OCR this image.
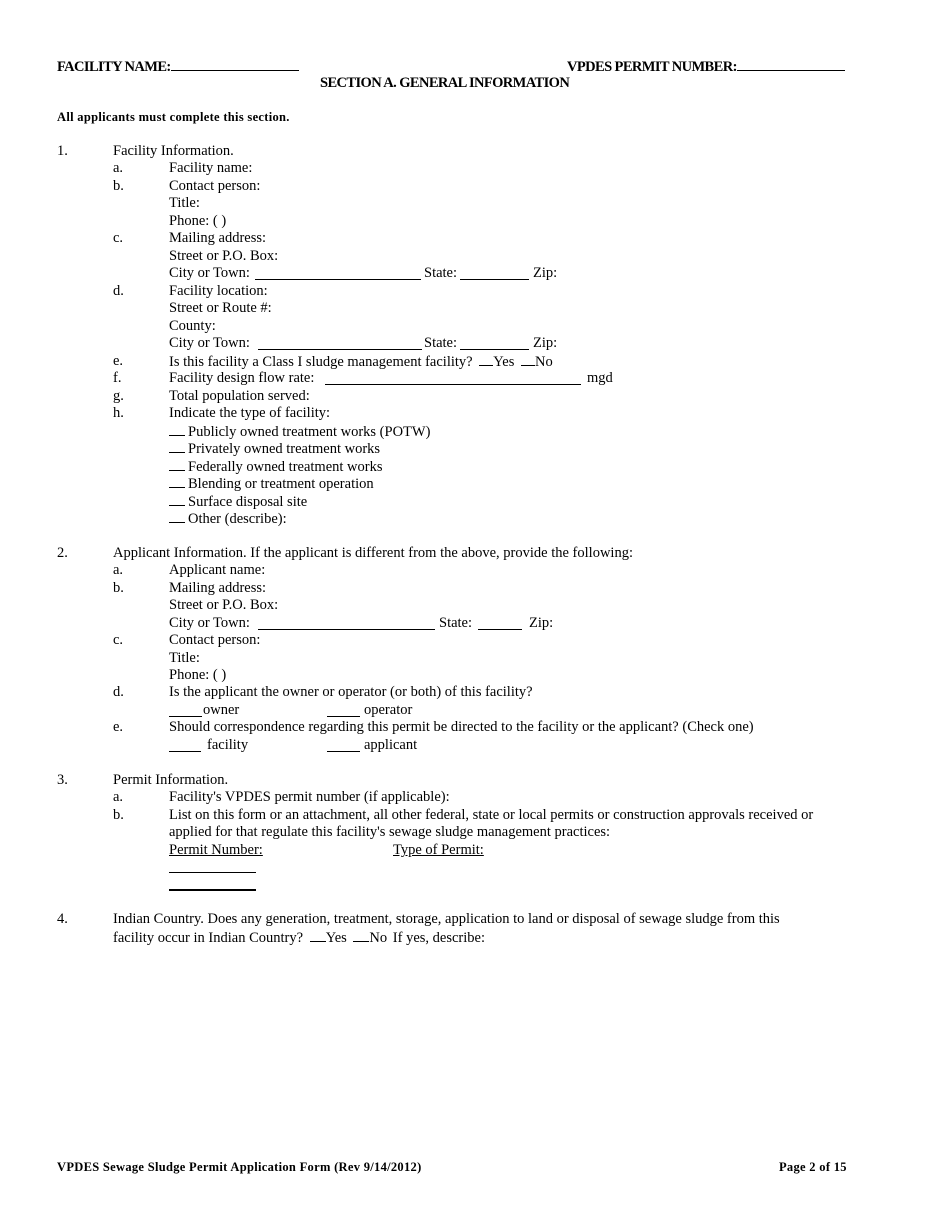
FACILITY NAME:	VPDES PERMIT NUMBER:
SECTION A. GENERAL INFORMATION
All applicants must complete this section.
1.	Facility Information.
a.	Facility name:
b.	Contact person:
Title:
Phone: ( )
c.	Mailing address:
Street or P.O. Box:
City or Town:	State:	Zip:
d.	Facility location:
Street or Route #:
County:
City or Town:	State:	Zip:
e.	Is this facility a Class I sludge management facility? Yes No
f.	Facility design flow rate:	mgd
g.	Total population served:
h.	Indicate the type of facility:
Publicly owned treatment works (POTW)
Privately owned treatment works
Federally owned treatment works
Blending or treatment operation
Surface disposal site
Other (describe):
2.	Applicant Information. If the applicant is different from the above, provide the following:
a.	Applicant name:
b.	Mailing address:
Street or P.O. Box:
City or Town:	State:	Zip:
c.	Contact person:
Title:
Phone: ( )
d.	Is the applicant the owner or operator (or both) of this facility?
owner	operator
e.	Should correspondence regarding this permit be directed to the facility or the applicant? (Check one)
facility	applicant
3.	Permit Information.
a.	Facility's VPDES permit number (if applicable):
b.	List on this form or an attachment, all other federal, state or local permits or construction approvals received or
applied for that regulate this facility's sewage sludge management practices:
Permit Number:	Type of Permit:
4.	Indian Country. Does any generation, treatment, storage, application to land or disposal of sewage sludge from this
facility occur in Indian Country? Yes No If yes, describe:
VPDES Sewage Sludge Permit Application Form (Rev 9/14/2012)	Page 2 of 15
